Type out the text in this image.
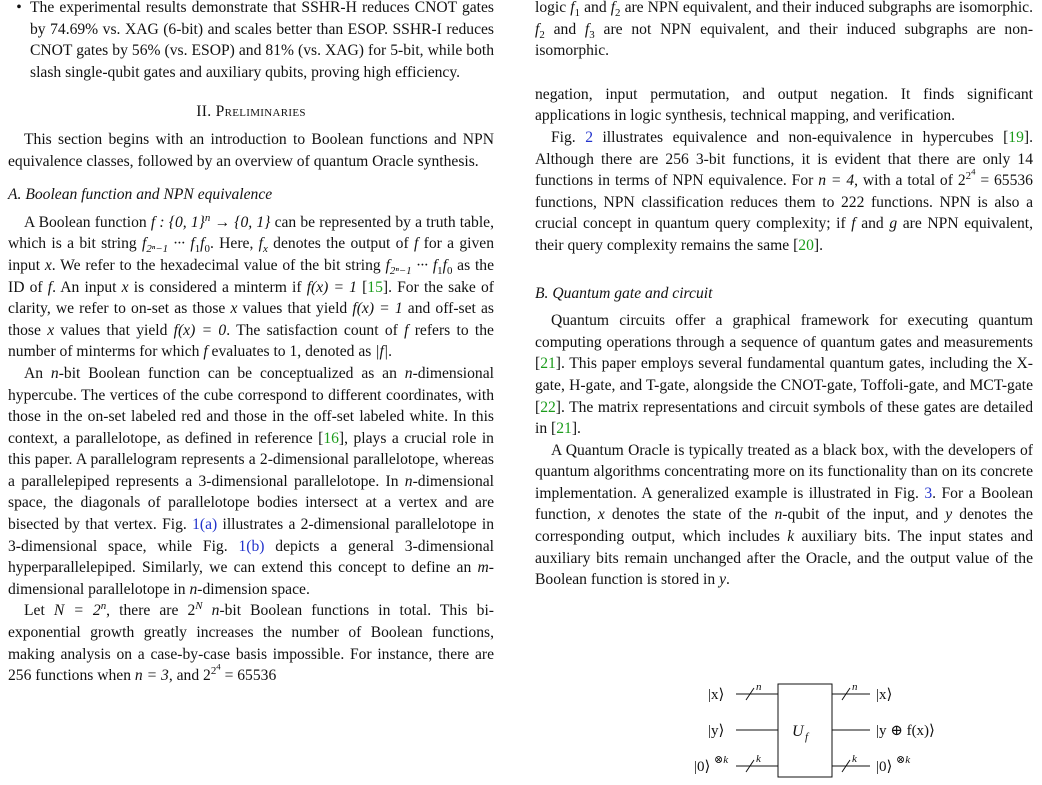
• The experimental results demonstrate that SSHR-H reduces CNOT gates by 74.69% vs. XAG (6-bit) and scales better than ESOP. SSHR-I reduces CNOT gates by 56% (vs. ESOP) and 81% (vs. XAG) for 5-bit, while both slash single-qubit gates and auxiliary qubits, proving high efficiency.
II. Preliminaries

This section begins with an introduction to Boolean functions and NPN equivalence classes, followed by an overview of quantum Oracle synthesis.

A. Boolean function and NPN equivalence

A Boolean function f : {0, 1}$^n$ → {0, 1} can be represented by a truth table, which is a bit string $f_{2^n-1}$ ··· $f_1f_0$. Here, $f_x$ denotes the output of f for a given input x. We refer to the hexadecimal value of the bit string $f_{2^n-1}$ ··· $f_1f_0$ as the ID of f. An input x is considered a minterm if f(x) = 1 [15]. For the sake of clarity, we refer to on-set as those x values that yield f(x) = 1 and off-set as those x values that yield f(x) = 0. The satisfaction count of f refers to the number of minterms for which f evaluates to 1, denoted as |f|.

An n-bit Boolean function can be conceptualized as an n-dimensional hypercube. The vertices of the cube correspond to different coordinates, with those in the on-set labeled red and those in the off-set labeled white. In this context, a parallelotope, as defined in reference [16], plays a crucial role in this paper. A parallelogram represents a 2-dimensional parallelotope, whereas a parallelepiped represents a 3-dimensional parallelotope. In n-dimensional space, the diagonals of parallelotope bodies intersect at a vertex and are bisected by that vertex. Fig. 1(a) illustrates a 2-dimensional parallelotope in 3-dimensional space, while Fig. 1(b) depicts a general 3-dimensional hyperparallelepiped. Similarly, we can extend this concept to define an m-dimensional parallelotope in n-dimension space.

Let $N = 2^n$, there are $2^N$ n-bit Boolean functions in total. This bi-exponential growth greatly increases the number of Boolean functions, making analysis on a case-by-case basis impossible. For instance, there are 256 functions when n = 3, and $2^{2^4} = 65536$

logic $f_1$ and $f_2$ are NPN equivalent, and their induced subgraphs are isomorphic. $f_2$ and $f_3$ are not NPN equivalent, and their induced subgraphs are non-isomorphic.

negation, input permutation, and output negation. It finds significant applications in logic synthesis, technical mapping, and verification.

Fig. 2 illustrates equivalence and non-equivalence in hypercubes [19]. Although there are 256 3-bit functions, it is evident that there are only 14 functions in terms of NPN equivalence. For n = 4, with a total of $2^{2^4} = 65536$ functions, NPN classification reduces them to 222 functions. NPN is also a crucial concept in quantum query complexity; if f and g are NPN equivalent, their query complexity remains the same [20].

B. Quantum gate and circuit

Quantum circuits offer a graphical framework for executing quantum computing operations through a sequence of quantum gates and measurements [21]. This paper employs several fundamental quantum gates, including the X-gate, H-gate, and T-gate, alongside the CNOT-gate, Toffoli-gate, and MCT-gate [22]. The matrix representations and circuit symbols of these gates are detailed in [21].

A Quantum Oracle is typically treated as a black box, with the developers of quantum algorithms concentrating more on its functionality than on its concrete implementation. A generalized example is illustrated in Fig. 3. For a Boolean function, x denotes the state of the n-qubit of the input, and y denotes the corresponding output, which includes k auxiliary bits. The input states and auxiliary bits remain unchanged after the Oracle, and the output value of the Boolean function is stored in y.

|x⟩
|y⟩
|0⟩ ⊗k
n
k
U f
n
k
|x⟩
|y ⊕ f(x)⟩
|0⟩ ⊗k
